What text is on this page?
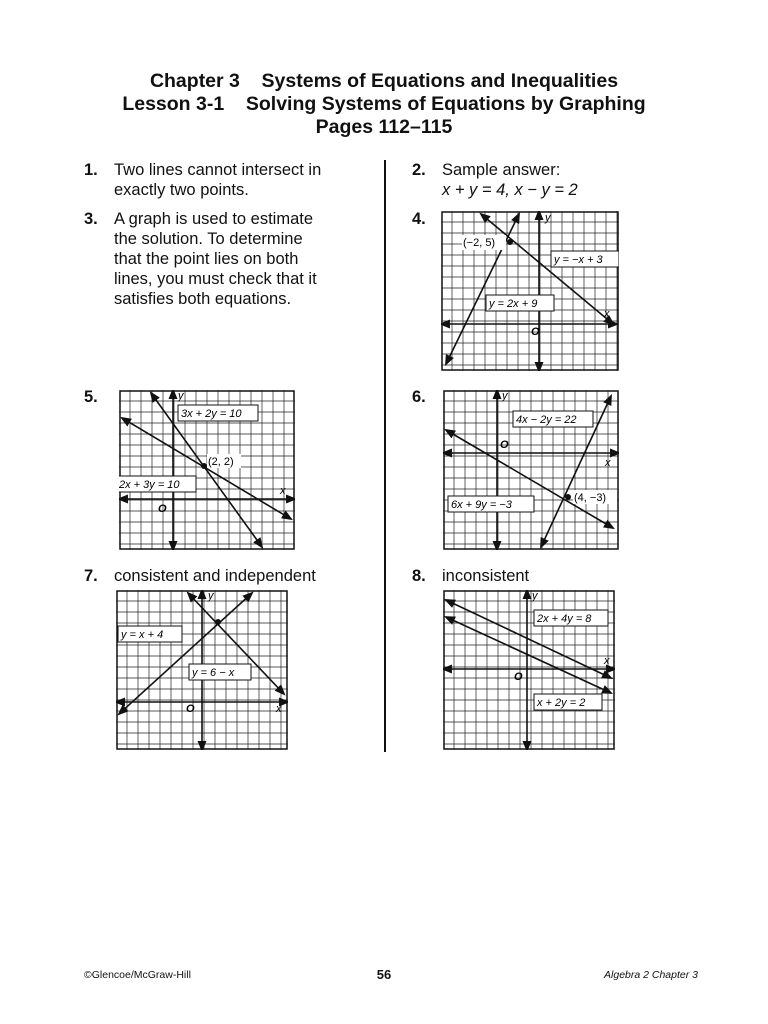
Chapter 3    Systems of Equations and Inequalities
Lesson 3-1    Solving Systems of Equations by Graphing
Pages 112–115
1. Two lines cannot intersect in
exactly two points.
2. Sample answer:
x + y = 4, x − y = 2
3. A graph is used to estimate
the solution. To determine
that the point lies on both
lines, you must check that it
satisfies both equations.
4.	y
x
O
(−2, 5)
y = −x + 3
y = 2x + 9
5.	y
x
O
3x + 2y = 10
(2, 2)
2x + 3y = 10
6.	y
x
O
4x − 2y = 22
(4, −3)
6x + 9y = −3
7. consistent and independent
y
x
O
y = x + 4
y = 6 − x
8. inconsistent
y
x
O
2x + 4y = 8
x + 2y = 2
©Glencoe/McGraw-Hill	56	Algebra 2 Chapter 3
